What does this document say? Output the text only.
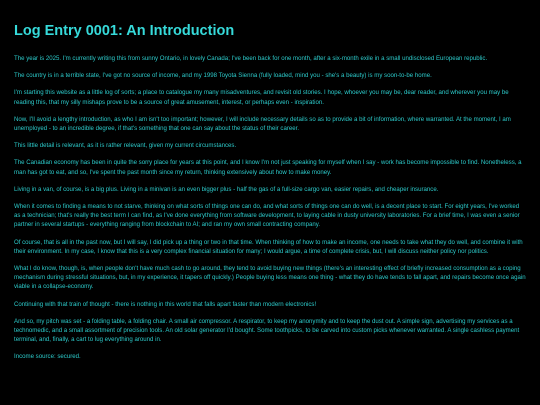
Log Entry 0001: An Introduction

The year is 2025. I'm currently writing this from sunny Ontario, in lovely Canada; I've been back for one month, after a six-month exile in a small undisclosed European republic.

The country is in a terrible state, I've got no source of income, and my 1998 Toyota Sienna (fully loaded, mind you - she's a beauty) is my soon-to-be home.

I'm starting this website as a little log of sorts; a place to catalogue my many misadventures, and revisit old stories. I hope, whoever you may be, dear reader, and wherever you may be reading this, that my silly mishaps prove to be a source of great amusement, interest, or perhaps even - inspiration.

Now, I'll avoid a lengthy introduction, as who I am isn't too important; however, I will include necessary details so as to provide a bit of information, where warranted. At the moment, I am unemployed - to an incredible degree, if that's something that one can say about the status of their career.

This little detail is relevant, as it is rather relevant, given my current circumstances.

The Canadian economy has been in quite the sorry place for years at this point, and I know I'm not just speaking for myself when I say - work has become impossible to find. Nonetheless, a man has got to eat, and so, I've spent the past month since my return, thinking extensively about how to make money.

Living in a van, of course, is a big plus. Living in a minivan is an even bigger plus - half the gas of a full-size cargo van, easier repairs, and cheaper insurance.

When it comes to finding a means to not starve, thinking on what sorts of things one can do, and what sorts of things one can do well, is a decent place to start. For eight years, I've worked as a technician; that's really the best term I can find, as I've done everything from software development, to laying cable in dusty university laboratories. For a brief time, I was even a senior partner in several startups - everything ranging from blockchain to AI; and ran my own small contracting company.

Of course, that is all in the past now, but I will say, I did pick up a thing or two in that time. When thinking of how to make an income, one needs to take what they do well, and combine it with their environment. In my case, I know that this is a very complex financial situation for many; I would argue, a time of complete crisis, but, I will discuss neither policy nor politics.

What I do know, though, is, when people don't have much cash to go around, they tend to avoid buying new things (there's an interesting effect of briefly increased consumption as a coping mechanism during stressful situations, but, in my experience, it tapers off quickly.) People buying less means one thing - what they do have tends to fall apart, and repairs become once again viable in a collapse-economy.

Continuing with that train of thought - there is nothing in this world that falls apart faster than modern electronics!

And so, my pitch was set - a folding table, a folding chair. A small air compressor. A respirator, to keep my anonymity and to keep the dust out. A simple sign, advertising my services as a technomedic, and a small assortment of precision tools. An old solar generator I'd bought. Some toothpicks, to be carved into custom picks whenever warranted. A single cashless payment terminal, and, finally, a cart to lug everything around in.

Income source: secured.
